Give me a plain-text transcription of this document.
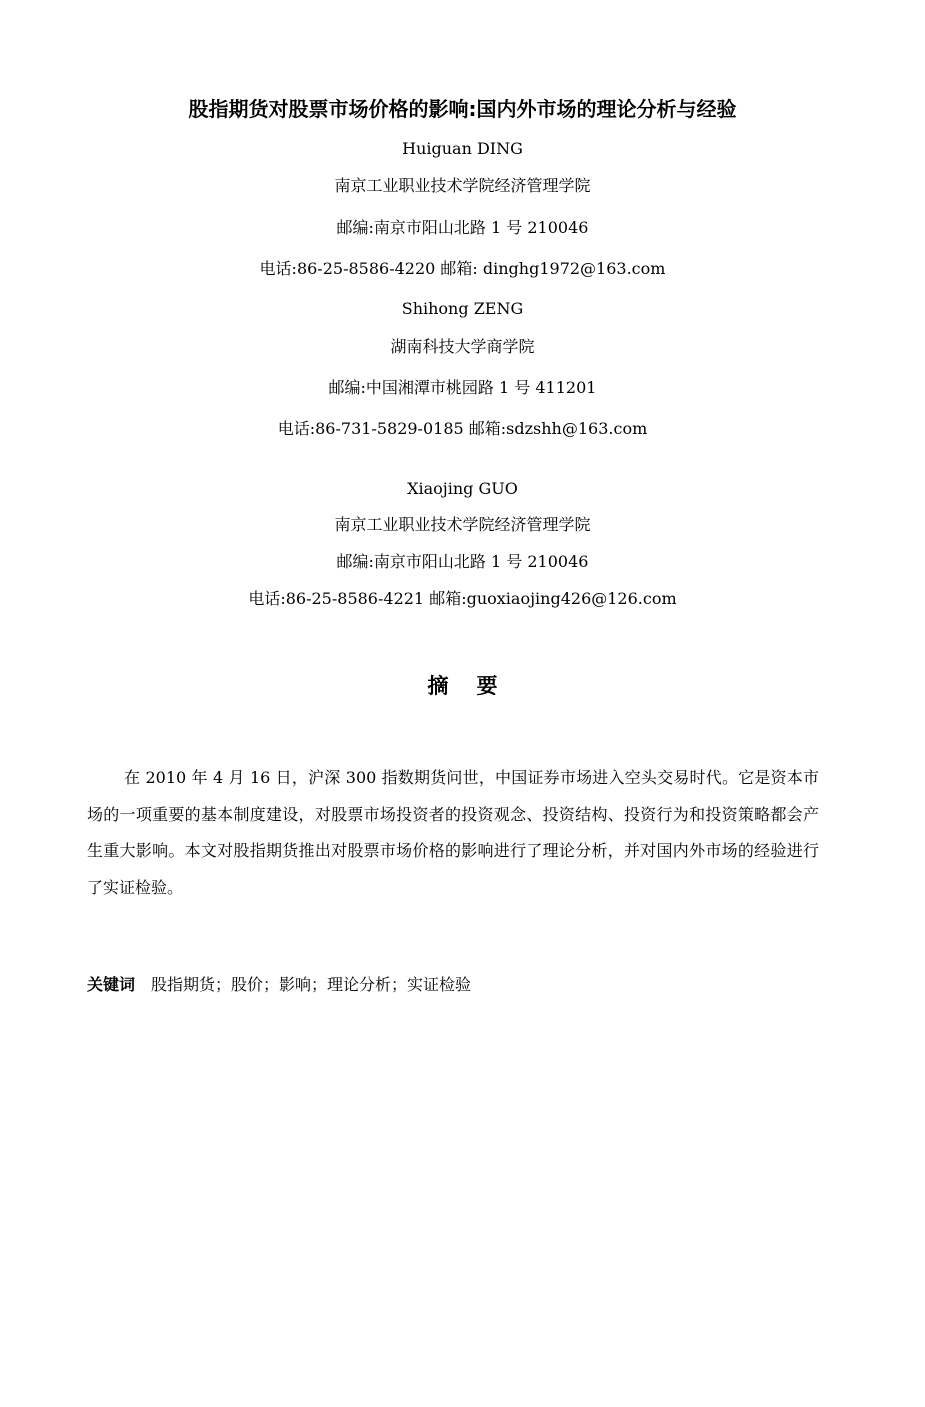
股指期货对股票市场价格的影响:国内外市场的理论分析与经验
Huiguan DING
南京工业职业技术学院经济管理学院
邮编:南京市阳山北路 1 号 210046
电话:86-25-8586-4220 邮箱: dinghg1972@163.com
Shihong ZENG
湖南科技大学商学院
邮编:中国湘潭市桃园路 1 号 411201
电话:86-731-5829-0185 邮箱:sdzshh@163.com
Xiaojing GUO
南京工业职业技术学院经济管理学院
邮编:南京市阳山北路 1 号 210046
电话:86-25-8586-4221 邮箱:guoxiaojing426@126.com
摘要
在 2010 年 4 月 16 日，沪深 300 指数期货问世，中国证券市场进入空头交易时代。它是资本市场的一项重要的基本制度建设，对股票市场投资者的投资观念、投资结构、投资行为和投资策略都会产生重大影响。本文对股指期货推出对股票市场价格的影响进行了理论分析，并对国内外市场的经验进行了实证检验。
关键词 股指期货；股价；影响；理论分析；实证检验
